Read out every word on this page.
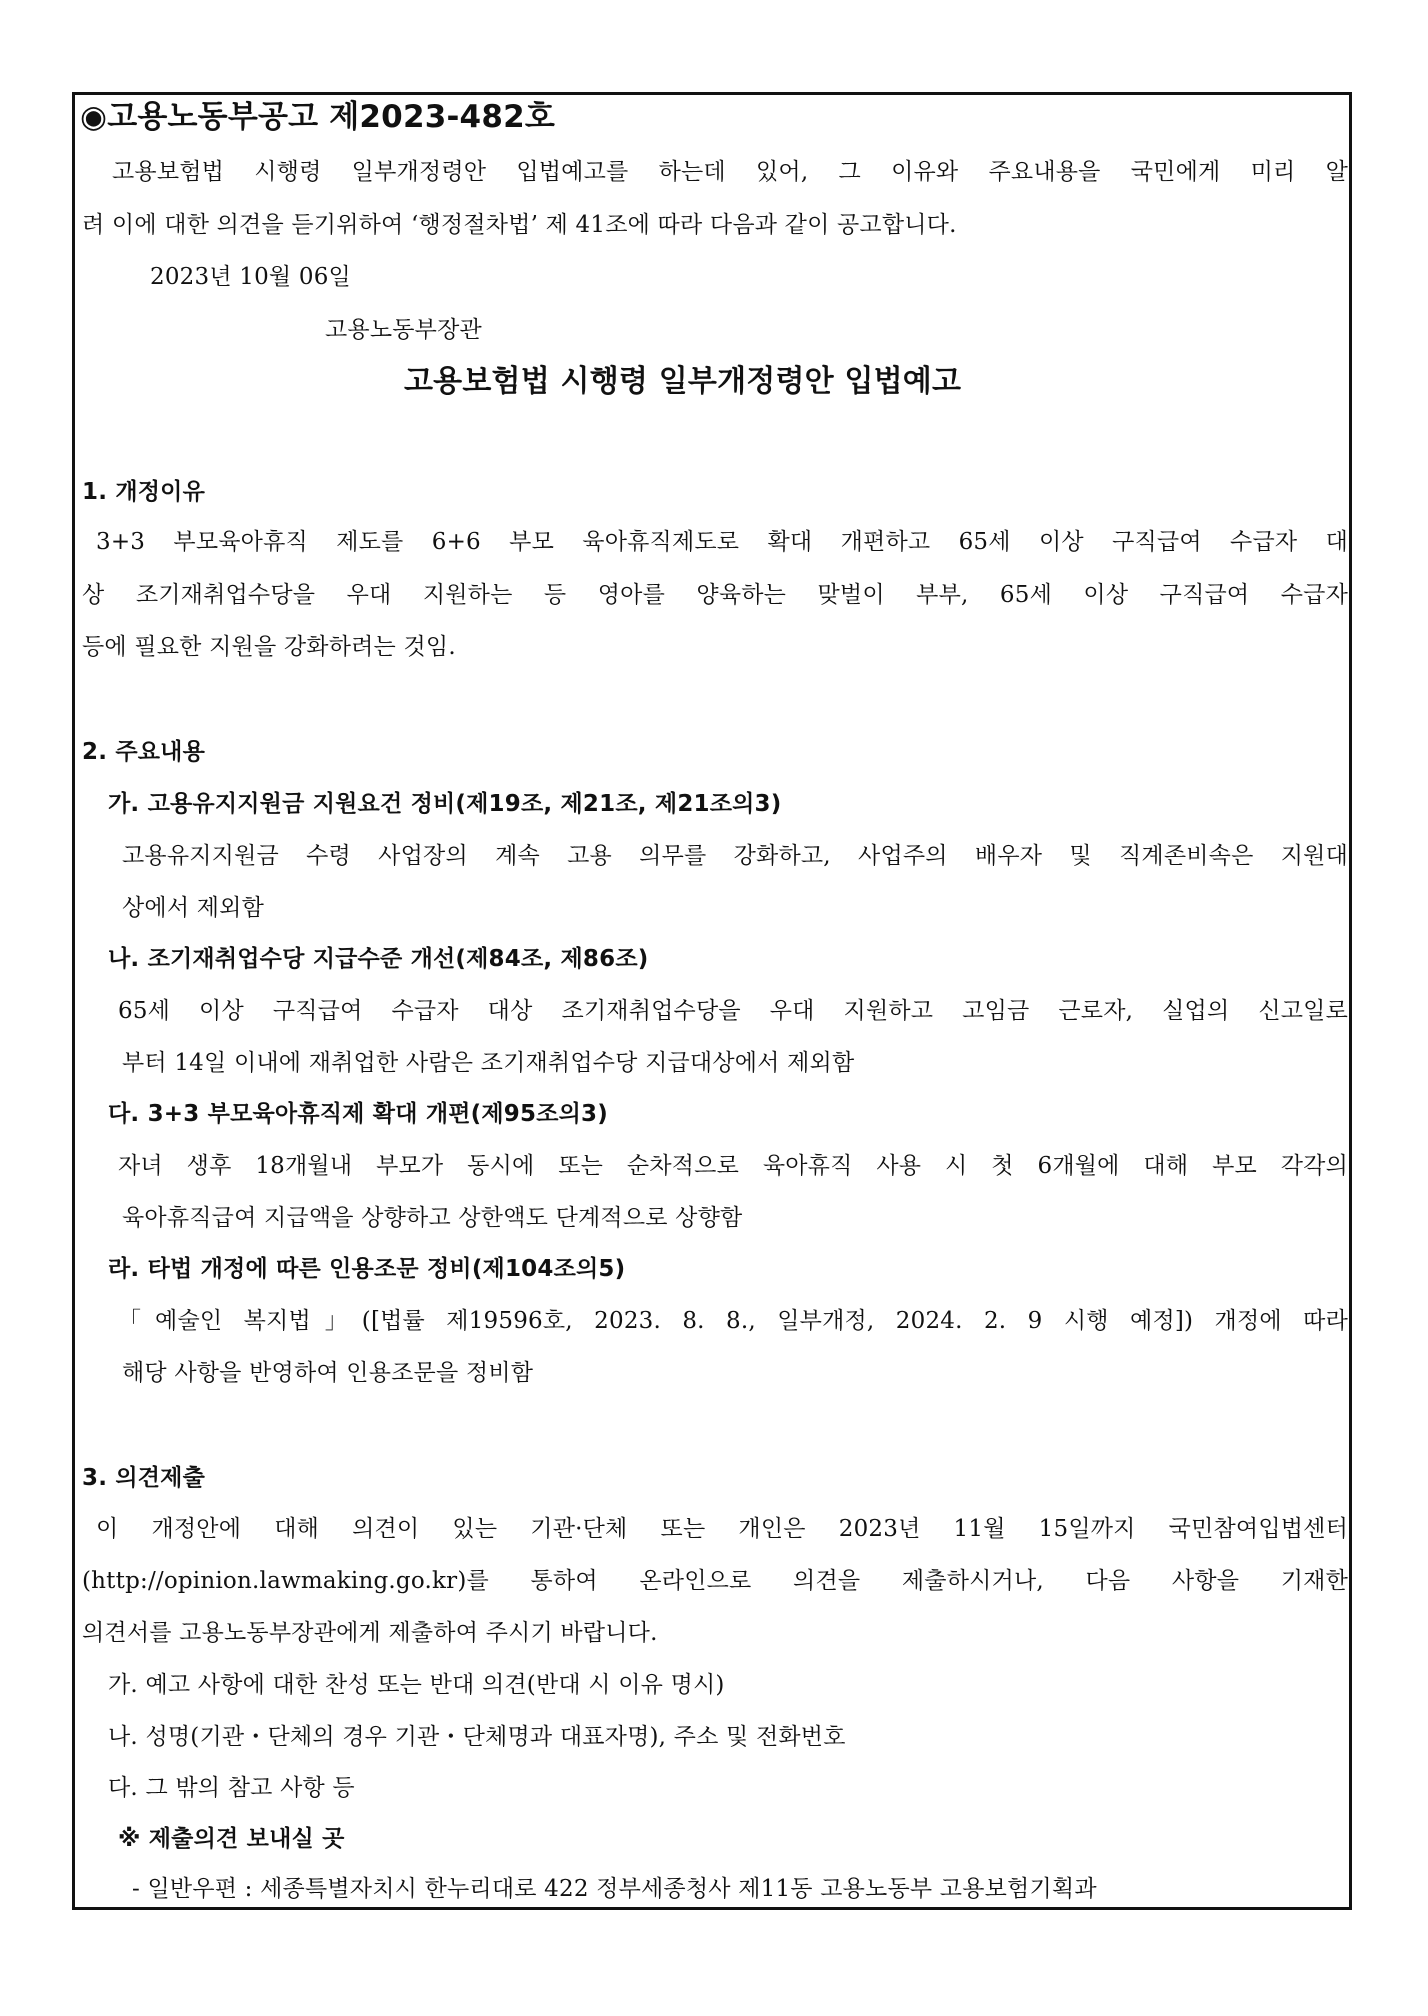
◉고용노동부공고 제2023-482호
고용보험법 시행령 일부개정령안 입법예고를 하는데 있어, 그 이유와 주요내용을 국민에게 미리 알
려 이에 대한 의견을 듣기위하여 ‘행정절차법’ 제 41조에 따라 다음과 같이 공고합니다.
2023년 10월 06일
고용노동부장관
고용보험법 시행령 일부개정령안 입법예고
1. 개정이유
3+3 부모육아휴직 제도를 6+6 부모 육아휴직제도로 확대 개편하고 65세 이상 구직급여 수급자 대
상 조기재취업수당을 우대 지원하는 등 영아를 양육하는 맞벌이 부부, 65세 이상 구직급여 수급자
등에 필요한 지원을 강화하려는 것임.
2. 주요내용
가. 고용유지지원금 지원요건 정비(제19조, 제21조, 제21조의3)
고용유지지원금 수령 사업장의 계속 고용 의무를 강화하고, 사업주의 배우자 및 직계존비속은 지원대
상에서 제외함
나. 조기재취업수당 지급수준 개선(제84조, 제86조)
65세 이상 구직급여 수급자 대상 조기재취업수당을 우대 지원하고 고임금 근로자, 실업의 신고일로
부터 14일 이내에 재취업한 사람은 조기재취업수당 지급대상에서 제외함
다. 3+3 부모육아휴직제 확대 개편(제95조의3)
자녀 생후 18개월내 부모가 동시에 또는 순차적으로 육아휴직 사용 시 첫 6개월에 대해 부모 각각의
육아휴직급여 지급액을 상향하고 상한액도 단계적으로 상향함
라. 타법 개정에 따른 인용조문 정비(제104조의5)
「예술인 복지법」([법률 제19596호, 2023. 8. 8., 일부개정, 2024. 2. 9 시행 예정]) 개정에 따라
해당 사항을 반영하여 인용조문을 정비함
3. 의견제출
이 개정안에 대해 의견이 있는 기관·단체 또는 개인은 2023년 11월 15일까지 국민참여입법센터
(http://opinion.lawmaking.go.kr)를 통하여 온라인으로 의견을 제출하시거나, 다음 사항을 기재한
의견서를 고용노동부장관에게 제출하여 주시기 바랍니다.
가. 예고 사항에 대한 찬성 또는 반대 의견(반대 시 이유 명시)
나. 성명(기관・단체의 경우 기관・단체명과 대표자명), 주소 및 전화번호
다. 그 밖의 참고 사항 등
※ 제출의견 보내실 곳
- 일반우편 : 세종특별자치시 한누리대로 422 정부세종청사 제11동 고용노동부 고용보험기획과
